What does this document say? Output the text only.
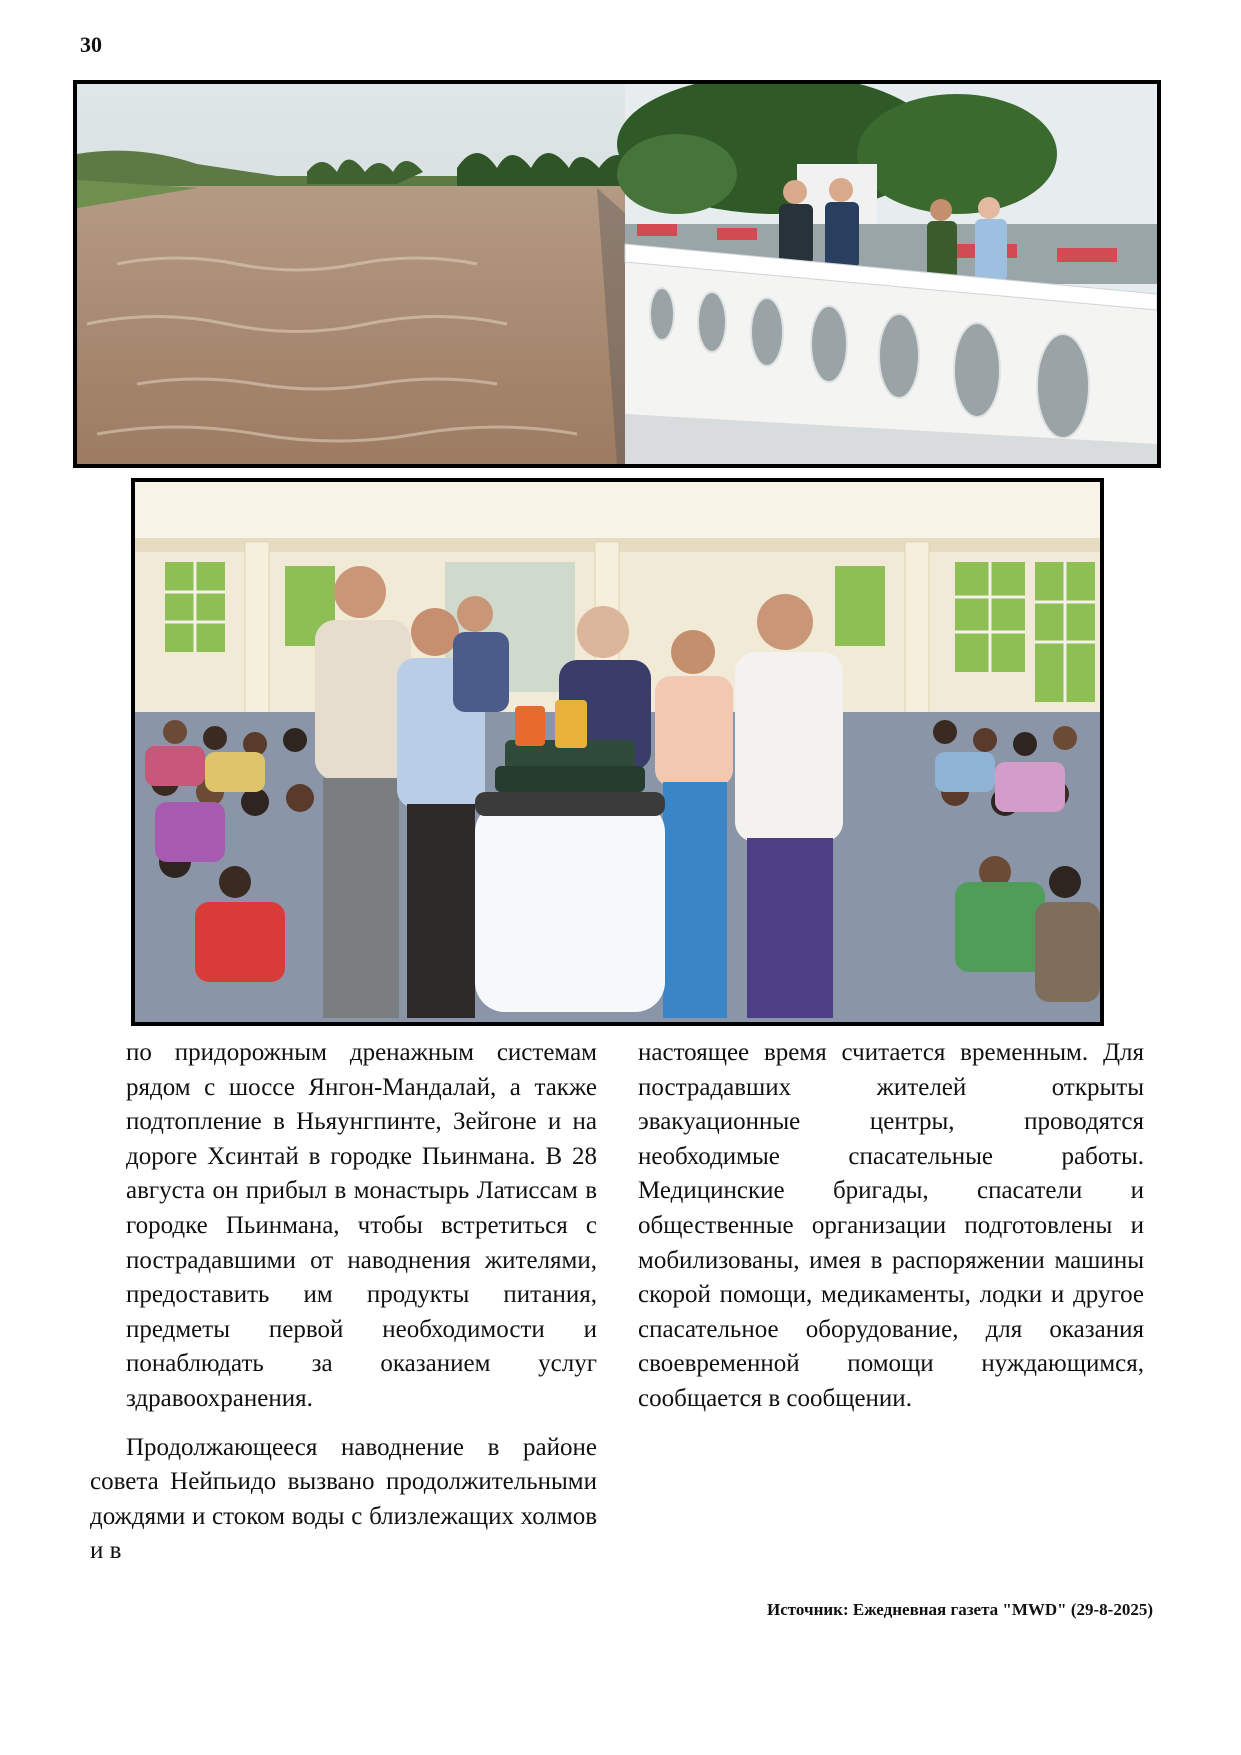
30

по придорожным дренажным системам рядом с шоссе Янгон-Мандалай, а также подтопление в Ньяунгпинте, Зейгоне и на дороге Хсинтай в городке Пьинмана. В 28 августа он прибыл в монастырь Латиссам в городке Пьинмана, чтобы встретиться с пострадавшими от наводнения жителями, предоставить им продукты питания, предметы первой необходимости и понаблюдать за оказанием услуг здравоохранения.

Продолжающееся наводнение в районе совета Нейпьидо вызвано продолжительными дождями и стоком воды с близлежащих холмов и в

настоящее время считается временным. Для пострадавших жителей открыты эвакуационные центры, проводятся необходимые спасательные работы. Медицинские бригады, спасатели и общественные организации подготовлены и мобилизованы, имея в распоряжении машины скорой помощи, медикаменты, лодки и другое спасательное оборудование, для оказания своевременной помощи нуждающимся, сообщается в сообщении.

Источник: Ежедневная газета "MWD" (29-8-2025)
